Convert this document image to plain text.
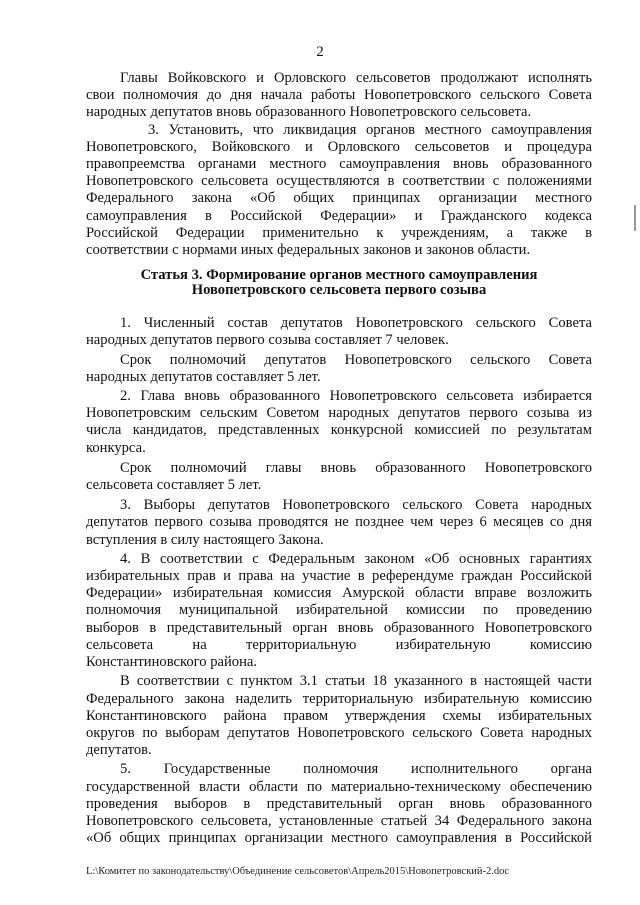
2
Главы Войковского и Орловского сельсоветов продолжают исполнять
свои полномочия до дня начала работы Новопетровского сельского Совета
народных депутатов вновь образованного Новопетровского сельсовета.
3. Установить, что ликвидация органов местного самоуправления
Новопетровского, Войковского и Орловского сельсоветов и процедура
правопреемства органами местного самоуправления вновь образованного
Новопетровского сельсовета осуществляются в соответствии с положениями
Федерального закона «Об общих принципах организации местного
самоуправления в Российской Федерации» и Гражданского кодекса
Российской Федерации применительно к учреждениям, а также в
соответствии с нормами иных федеральных законов и законов области.
Статья 3. Формирование органов местного самоуправления
Новопетровского сельсовета первого созыва
1. Численный состав депутатов Новопетровского сельского Совета
народных депутатов первого созыва составляет 7 человек.
Срок полномочий депутатов Новопетровского сельского Совета
народных депутатов составляет 5 лет.
2. Глава вновь образованного Новопетровского сельсовета избирается
Новопетровским сельским Советом народных депутатов первого созыва из
числа кандидатов, представленных конкурсной комиссией по результатам
конкурса.
Срок полномочий главы вновь образованного Новопетровского
сельсовета составляет 5 лет.
3. Выборы депутатов Новопетровского сельского Совета народных
депутатов первого созыва проводятся не позднее чем через 6 месяцев со дня
вступления в силу настоящего Закона.
4. В соответствии с Федеральным законом «Об основных гарантиях
избирательных прав и права на участие в референдуме граждан Российской
Федерации» избирательная комиссия Амурской области вправе возложить
полномочия муниципальной избирательной комиссии по проведению
выборов в представительный орган вновь образованного Новопетровского
сельсовета на территориальную избирательную комиссию
Константиновского района.
В соответствии с пунктом 3.1 статьи 18 указанного в настоящей части
Федерального закона наделить территориальную избирательную комиссию
Константиновского района правом утверждения схемы избирательных
округов по выборам депутатов Новопетровского сельского Совета народных
депутатов.
5. Государственные полномочия исполнительного органа
государственной власти области по материально-техническому обеспечению
проведения выборов в представительный орган вновь образованного
Новопетровского сельсовета, установленные статьей 34 Федерального закона
«Об общих принципах организации местного самоуправления в Российской
L:\Комитет по законодательству\Объединение сельсоветов\Апрель2015\Новопетровский-2.doc
